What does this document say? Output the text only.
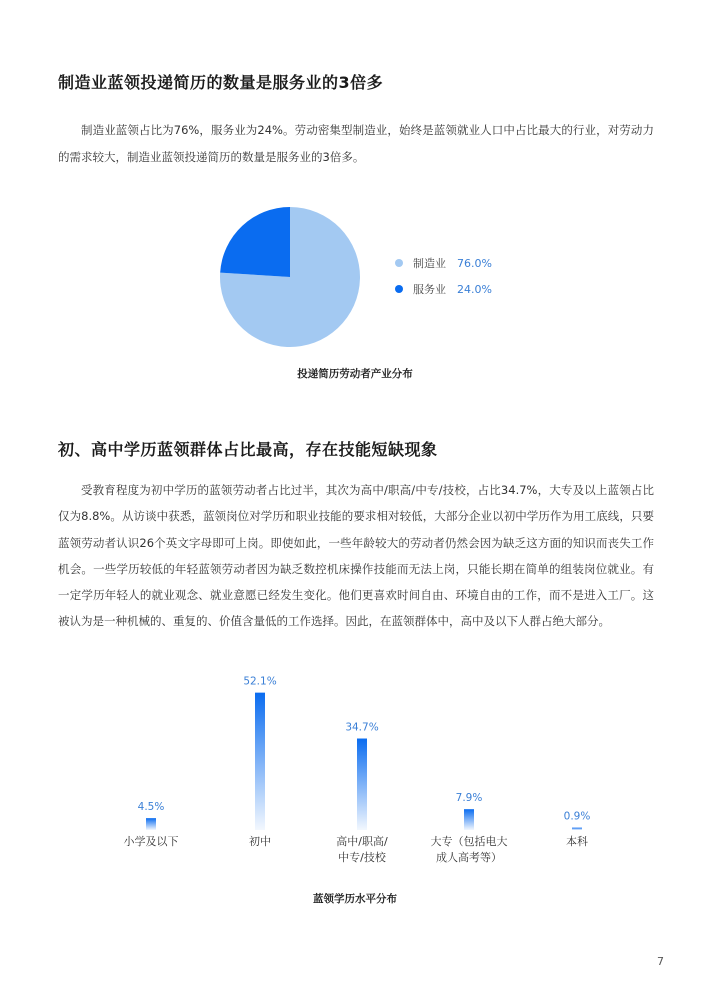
制造业蓝领投递简历的数量是服务业的3倍多

制造业蓝领占比为76%，服务业为24%。劳动密集型制造业，始终是蓝领就业人口中占比最大的行业，对劳动力的需求较大，制造业蓝领投递简历的数量是服务业的3倍多。

制造业	76.0%
服务业	24.0%
投递简历劳动者产业分布
初、高中学历蓝领群体占比最高，存在技能短缺现象

受教育程度为初中学历的蓝领劳动者占比过半，其次为高中/职高/中专/技校，占比34.7%，大专及以上蓝领占比仅为8.8%。从访谈中获悉，蓝领岗位对学历和职业技能的要求相对较低，大部分企业以初中学历作为用工底线，只要蓝领劳动者认识26个英文字母即可上岗。即使如此，一些年龄较大的劳动者仍然会因为缺乏这方面的知识而丧失工作机会。一些学历较低的年轻蓝领劳动者因为缺乏数控机床操作技能而无法上岗，只能长期在简单的组装岗位就业。有一定学历年轻人的就业观念、就业意愿已经发生变化。他们更喜欢时间自由、环境自由的工作，而不是进入工厂。这被认为是一种机械的、重复的、价值含量低的工作选择。因此，在蓝领群体中，高中及以下人群占绝大部分。

4.5%
小学及以下
52.1%
初中
34.7%
高中/职高/
中专/技校
7.9%
大专（包括电大
成人高考等）
0.9%
本科
蓝领学历水平分布
7
